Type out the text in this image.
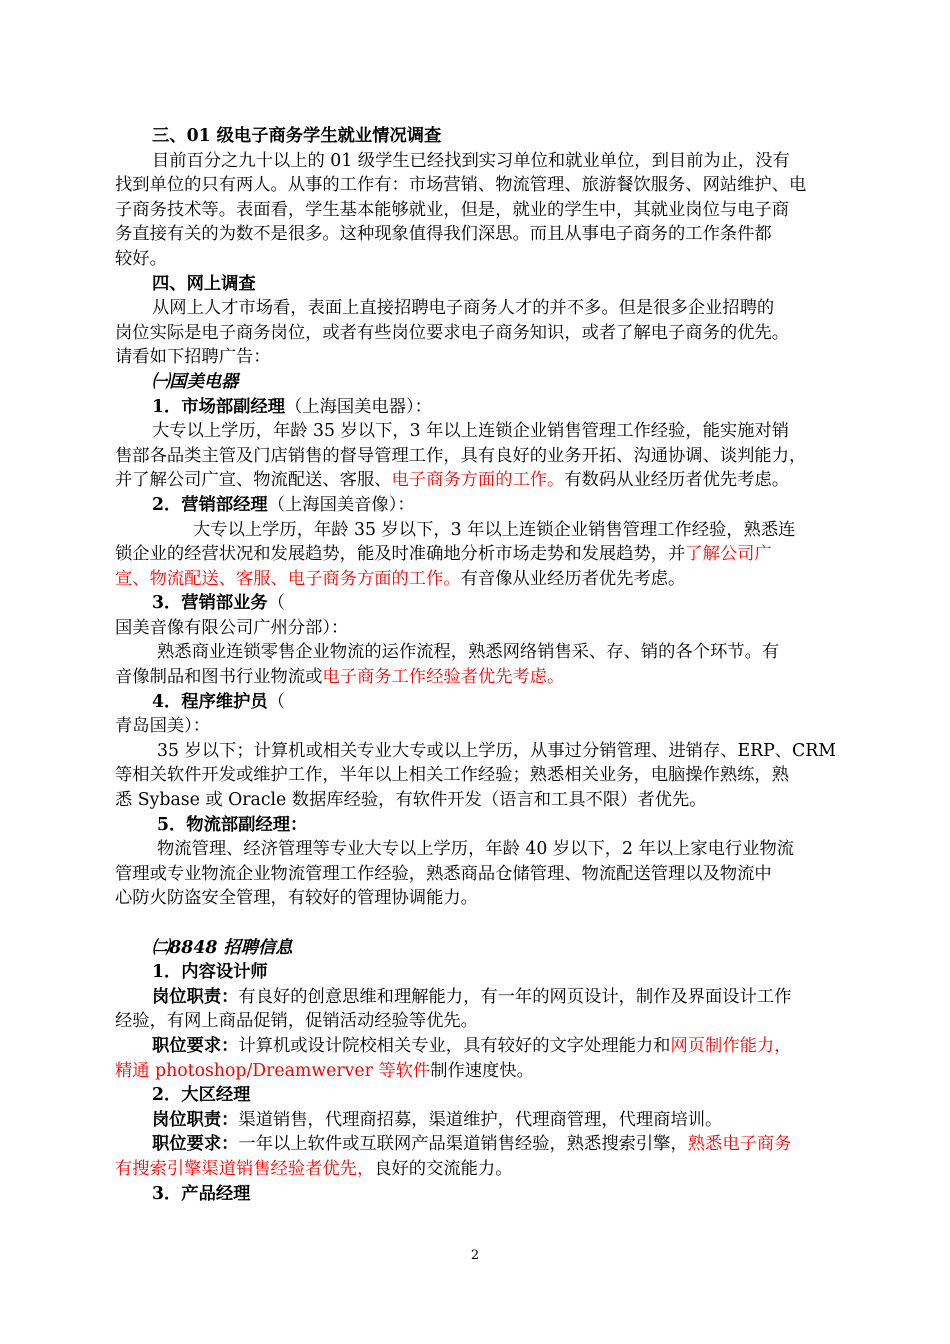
三、01 级电子商务学生就业情况调查
目前百分之九十以上的 01 级学生已经找到实习单位和就业单位，到目前为止，没有
找到单位的只有两人。从事的工作有：市场营销、物流管理、旅游餐饮服务、网站维护、电
子商务技术等。表面看，学生基本能够就业，但是，就业的学生中，其就业岗位与电子商
务直接有关的为数不是很多。这种现象值得我们深思。而且从事电子商务的工作条件都
较好。
四、网上调查
从网上人才市场看，表面上直接招聘电子商务人才的并不多。但是很多企业招聘的
岗位实际是电子商务岗位，或者有些岗位要求电子商务知识，或者了解电子商务的优先。
请看如下招聘广告：
㈠国美电器
1．市场部副经理（上海国美电器）：
大专以上学历，年龄 35 岁以下，3 年以上连锁企业销售管理工作经验，能实施对销
售部各品类主管及门店销售的督导管理工作，具有良好的业务开拓、沟通协调、谈判能力，
并了解公司广宣、物流配送、客服、电子商务方面的工作。有数码从业经历者优先考虑。
2．营销部经理（上海国美音像）：
大专以上学历，年龄 35 岁以下，3 年以上连锁企业销售管理工作经验，熟悉连
锁企业的经营状况和发展趋势，能及时准确地分析市场走势和发展趋势，并了解公司广
宣、物流配送、客服、电子商务方面的工作。有音像从业经历者优先考虑。
3．营销部业务（
国美音像有限公司广州分部）：
熟悉商业连锁零售企业物流的运作流程，熟悉网络销售采、存、销的各个环节。有
音像制品和图书行业物流或电子商务工作经验者优先考虑。
4．程序维护员（
青岛国美）：
35 岁以下；计算机或相关专业大专或以上学历，从事过分销管理、进销存、ERP、CRM
等相关软件开发或维护工作，半年以上相关工作经验；熟悉相关业务，电脑操作熟练，熟
悉 Sybase 或 Oracle 数据库经验，有软件开发（语言和工具不限）者优先。
5．物流部副经理：
物流管理、经济管理等专业大专以上学历，年龄 40 岁以下，2 年以上家电行业物流
管理或专业物流企业物流管理工作经验，熟悉商品仓储管理、物流配送管理以及物流中
心防火防盗安全管理，有较好的管理协调能力。
㈡8848 招聘信息
1．内容设计师
岗位职责：有良好的创意思维和理解能力，有一年的网页设计，制作及界面设计工作
经验，有网上商品促销，促销活动经验等优先。
职位要求：计算机或设计院校相关专业，具有较好的文字处理能力和网页制作能力，
精通 photoshop/Dreamwerver 等软件制作速度快。
2．大区经理
岗位职责：渠道销售，代理商招募，渠道维护，代理商管理，代理商培训。
职位要求：一年以上软件或互联网产品渠道销售经验，熟悉搜索引擎，熟悉电子商务
有搜索引擎渠道销售经验者优先，良好的交流能力。
3．产品经理
2
